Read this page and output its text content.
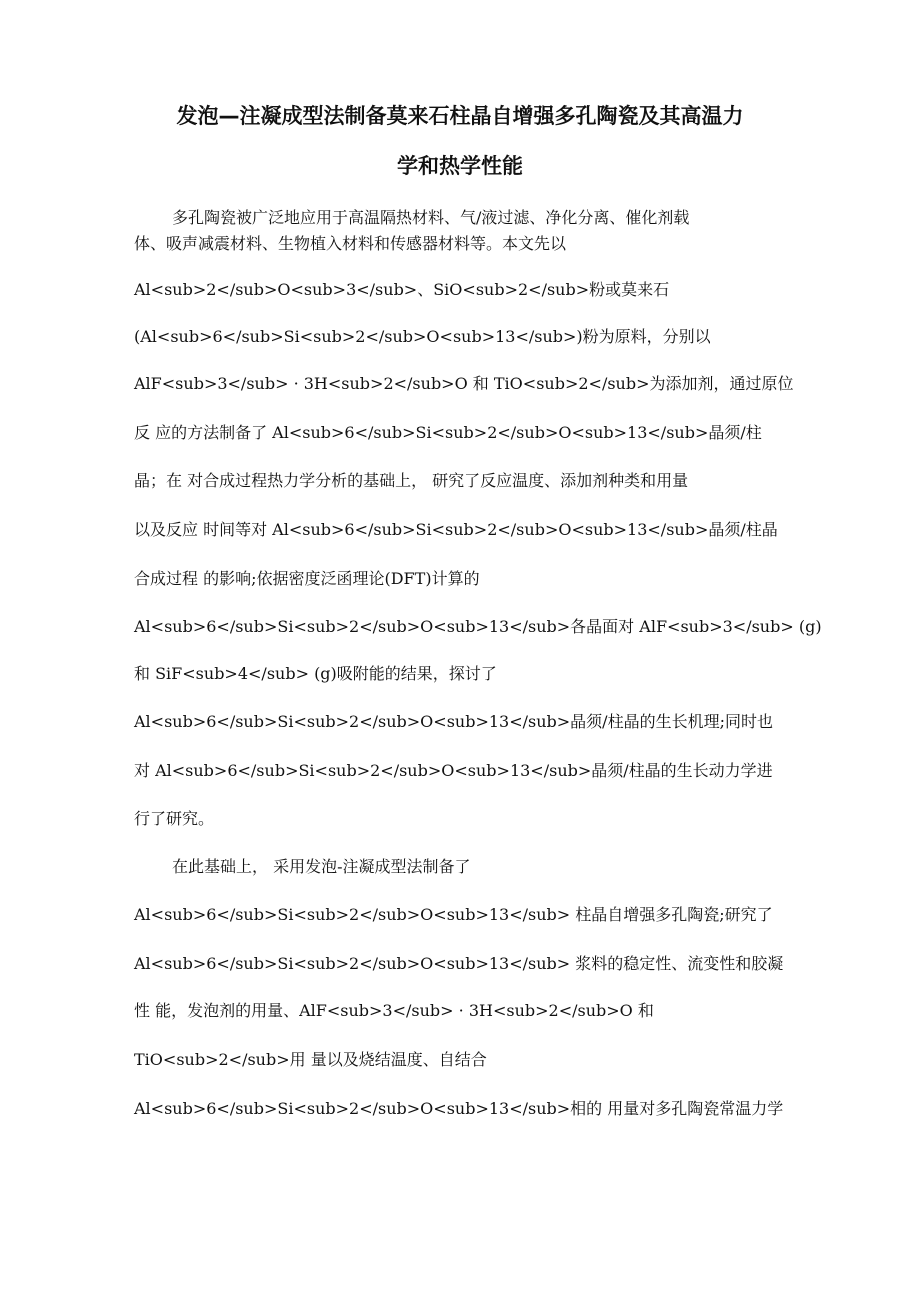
发泡—注凝成型法制备莫来石柱晶自增强多孔陶瓷及其高温力
学和热学性能
多孔陶瓷被广泛地应用于高温隔热材料、气/液过滤、净化分离、催化剂载
体、吸声减震材料、生物植入材料和传感器材料等。本文先以
Al<sub>2</sub>O<sub>3</sub>、SiO<sub>2</sub>粉或莫来石
(Al<sub>6</sub>Si<sub>2</sub>O<sub>13</sub>)粉为原料，分别以
AlF<sub>3</sub> · 3H<sub>2</sub>O 和 TiO<sub>2</sub>为添加剂，通过原位
反 应的方法制备了 Al<sub>6</sub>Si<sub>2</sub>O<sub>13</sub>晶须/柱
晶；在 对合成过程热力学分析的基础上， 研究了反应温度、添加剂种类和用量
以及反应 时间等对 Al<sub>6</sub>Si<sub>2</sub>O<sub>13</sub>晶须/柱晶
合成过程 的影响;依据密度泛函理论(DFT)计算的
Al<sub>6</sub>Si<sub>2</sub>O<sub>13</sub>各晶面对 AlF<sub>3</sub> (g)
和 SiF<sub>4</sub> (g)吸附能的结果，探讨了
Al<sub>6</sub>Si<sub>2</sub>O<sub>13</sub>晶须/柱晶的生长机理;同时也
对 Al<sub>6</sub>Si<sub>2</sub>O<sub>13</sub>晶须/柱晶的生长动力学进
行了研究。
在此基础上， 采用发泡-注凝成型法制备了
Al<sub>6</sub>Si<sub>2</sub>O<sub>13</sub> 柱晶自增强多孔陶瓷;研究了
Al<sub>6</sub>Si<sub>2</sub>O<sub>13</sub> 浆料的稳定性、流变性和胶凝
性 能，发泡剂的用量、AlF<sub>3</sub> · 3H<sub>2</sub>O 和
TiO<sub>2</sub>用 量以及烧结温度、自结合
Al<sub>6</sub>Si<sub>2</sub>O<sub>13</sub>相的 用量对多孔陶瓷常温力学
